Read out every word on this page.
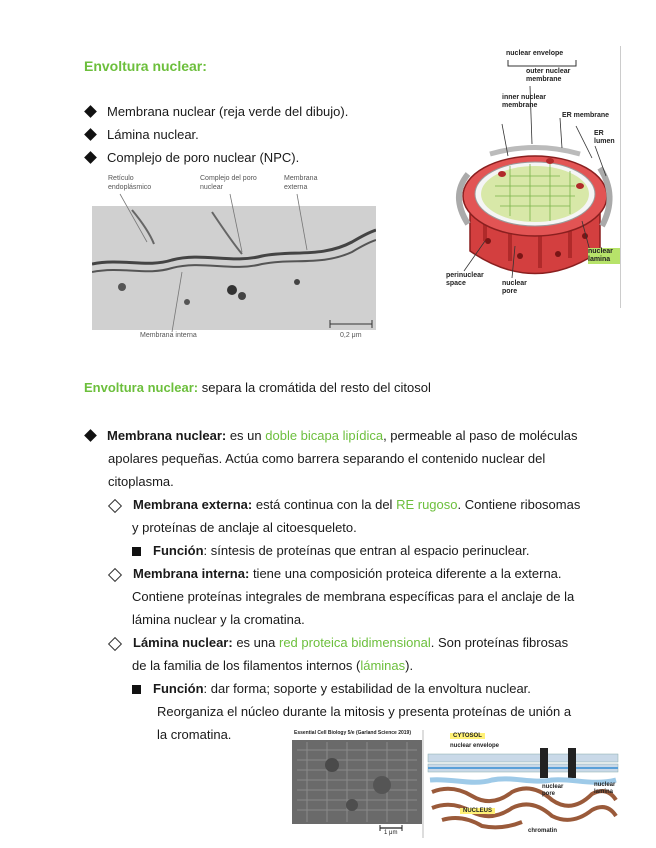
Envoltura nuclear:
Membrana nuclear (reja verde del dibujo).
Lámina nuclear.
Complejo de poro nuclear (NPC).
Retículo endoplásmico
Complejo del poro nuclear
Membrana externa
Membrana interna	0,2 μm
nuclear envelope
outer nuclear membrane
inner nuclear membrane
ER membrane
ER lumen
nuclear lamina
perinuclear space	nuclear pore
Envoltura nuclear: separa la cromátida del resto del citosol
Membrana nuclear: es un doble bicapa lipídica, permeable al paso de moléculas
apolares pequeñas. Actúa como barrera separando el contenido nuclear del
citoplasma.
Membrana externa: está continua con la del RE rugoso. Contiene ribosomas
y proteínas de anclaje al citoesqueleto.
Función: síntesis de proteínas que entran al espacio perinuclear.
Membrana interna: tiene una composición proteica diferente a la externa.
Contiene proteínas integrales de membrana específicas para el anclaje de la
lámina nuclear y la cromatina.
Lámina nuclear: es una red proteica bidimensional. Son proteínas fibrosas
de la familia de los filamentos internos (láminas).
Función: dar forma; soporte y estabilidad de la envoltura nuclear.
Reorganiza el núcleo durante la mitosis y presenta proteínas de unión a
la cromatina.	Essential Cell Biology 5/e (Garland Science 2019)
1 μm
CYTOSOL
nuclear envelope
nuclear pore
nuclear lamina
NUCLEUS
chromatin
